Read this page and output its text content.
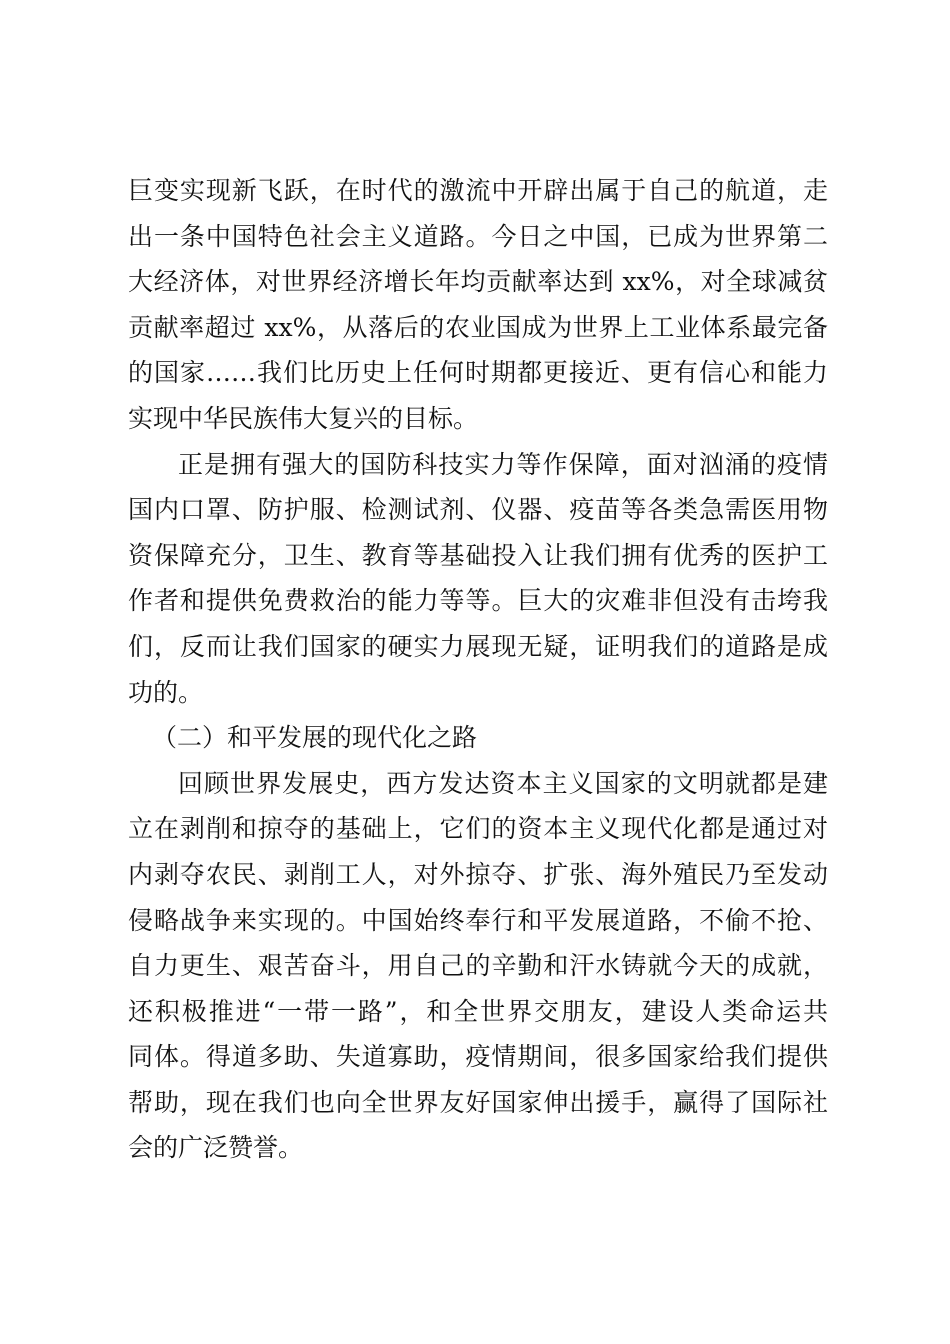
巨变实现新飞跃，在时代的激流中开辟出属于自己的航道，走
出一条中国特色社会主义道路。今日之中国，已成为世界第二
大经济体，对世界经济增长年均贡献率达到 xx%，对全球减贫
贡献率超过 xx%，从落后的农业国成为世界上工业体系最完备
的国家……我们比历史上任何时期都更接近、更有信心和能力
实现中华民族伟大复兴的目标。
正是拥有强大的国防科技实力等作保障，面对汹涌的疫情
国内口罩、防护服、检测试剂、仪器、疫苗等各类急需医用物
资保障充分，卫生、教育等基础投入让我们拥有优秀的医护工
作者和提供免费救治的能力等等。巨大的灾难非但没有击垮我
们，反而让我们国家的硬实力展现无疑，证明我们的道路是成
功的。
（二）和平发展的现代化之路
回顾世界发展史，西方发达资本主义国家的文明就都是建
立在剥削和掠夺的基础上，它们的资本主义现代化都是通过对
内剥夺农民、剥削工人，对外掠夺、扩张、海外殖民乃至发动
侵略战争来实现的。中国始终奉行和平发展道路，不偷不抢、
自力更生、艰苦奋斗，用自己的辛勤和汗水铸就今天的成就，
还积极推进“一带一路”，和全世界交朋友，建设人类命运共
同体。得道多助、失道寡助，疫情期间，很多国家给我们提供
帮助，现在我们也向全世界友好国家伸出援手，赢得了国际社
会的广泛赞誉。
